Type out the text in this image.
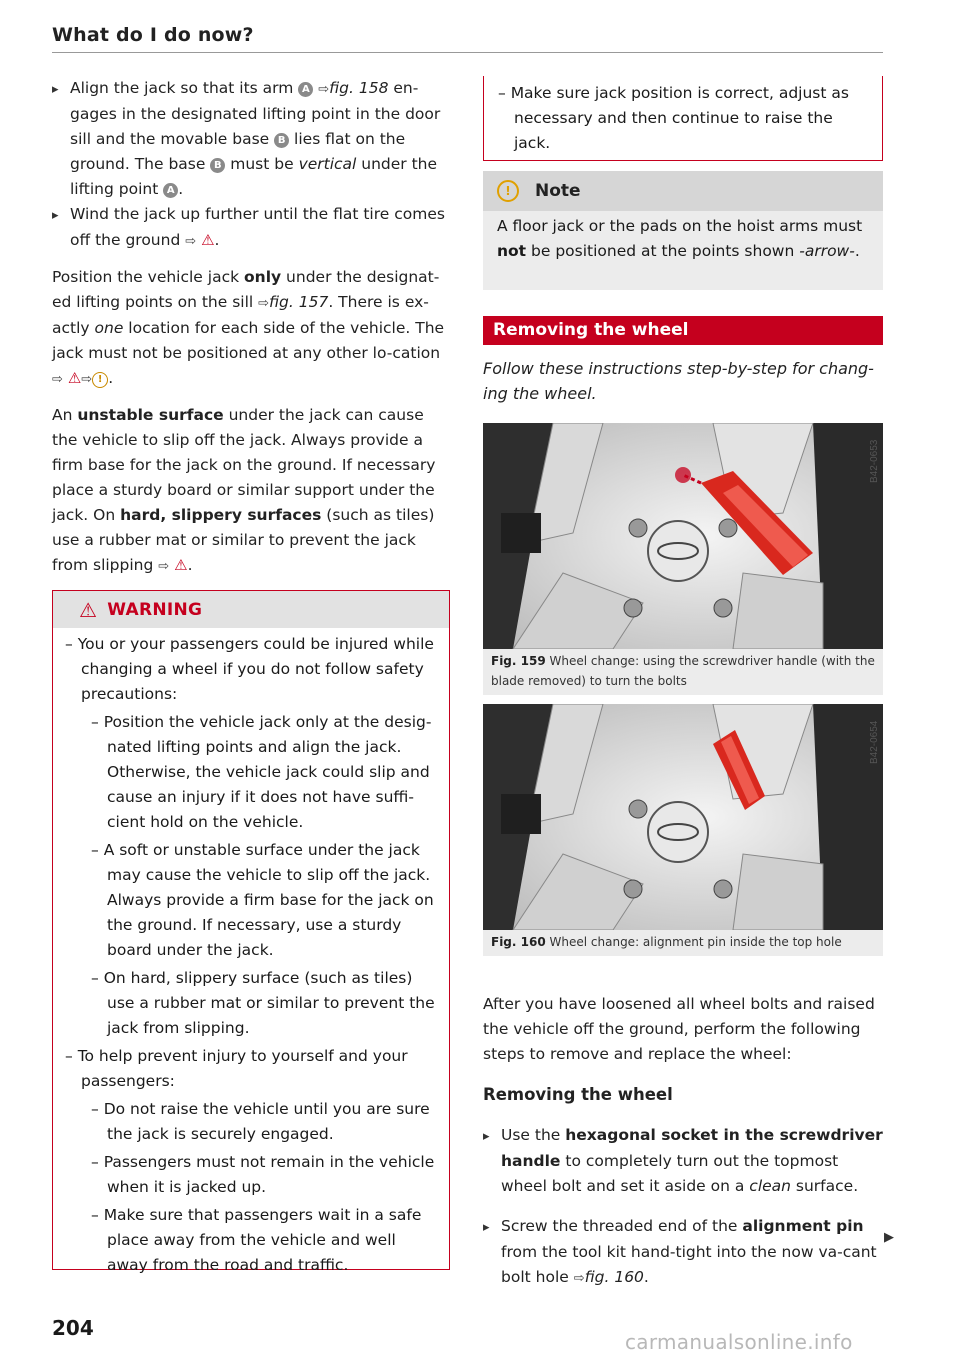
What do I do now?

▸ Align the jack so that its arm A ⇨fig. 158 en-gages in the designated lifting point in the door sill and the movable base B lies flat on the ground. The base B must be vertical under the lifting point A .

▸ Wind the jack up further until the flat tire comes off the ground ⇨ ⚠.

Position the vehicle jack only under the designat-ed lifting points on the sill ⇨fig. 157. There is ex-actly one location for each side of the vehicle. The jack must not be positioned at any other lo-cation ⇨ ⚠⇨ ! .

An unstable surface under the jack can cause the vehicle to slip off the jack. Always provide a firm base for the jack on the ground. If necessary place a sturdy board or similar support under the jack. On hard, slippery surfaces (such as tiles) use a rubber mat or similar to prevent the jack from slipping ⇨ ⚠.

⚠ WARNING

– You or your passengers could be injured while changing a wheel if you do not follow safety precautions:

– Position the vehicle jack only at the desig-nated lifting points and align the jack. Otherwise, the vehicle jack could slip and cause an injury if it does not have suffi-cient hold on the vehicle.

– A soft or unstable surface under the jack may cause the vehicle to slip off the jack. Always provide a firm base for the jack on the ground. If necessary, use a sturdy board under the jack.

– On hard, slippery surface (such as tiles) use a rubber mat or similar to prevent the jack from slipping.

– To help prevent injury to yourself and your passengers:

– Do not raise the vehicle until you are sure the jack is securely engaged.

– Passengers must not remain in the vehicle when it is jacked up.

– Make sure that passengers wait in a safe place away from the vehicle and well away from the road and traffic.

– Make sure jack position is correct, adjust as necessary and then continue to raise the jack.

!	Note
A floor jack or the pads on the hoist arms must not be positioned at the points shown -arrow-.
Removing the wheel
Follow these instructions step-by-step for chang-ing the wheel.
B42-0653
Fig. 159 Wheel change: using the screwdriver handle (with the blade removed) to turn the bolts
B42-0654
Fig. 160 Wheel change: alignment pin inside the top hole

After you have loosened all wheel bolts and raised the vehicle off the ground, perform the following steps to remove and replace the wheel:

Removing the wheel

▸ Use the hexagonal socket in the screwdriver handle to completely turn out the topmost wheel bolt and set it aside on a clean surface.

▸ Screw the threaded end of the alignment pin from the tool kit hand-tight into the now va-cant bolt hole ⇨fig. 160.

▶
204
carmanualsonline.info
